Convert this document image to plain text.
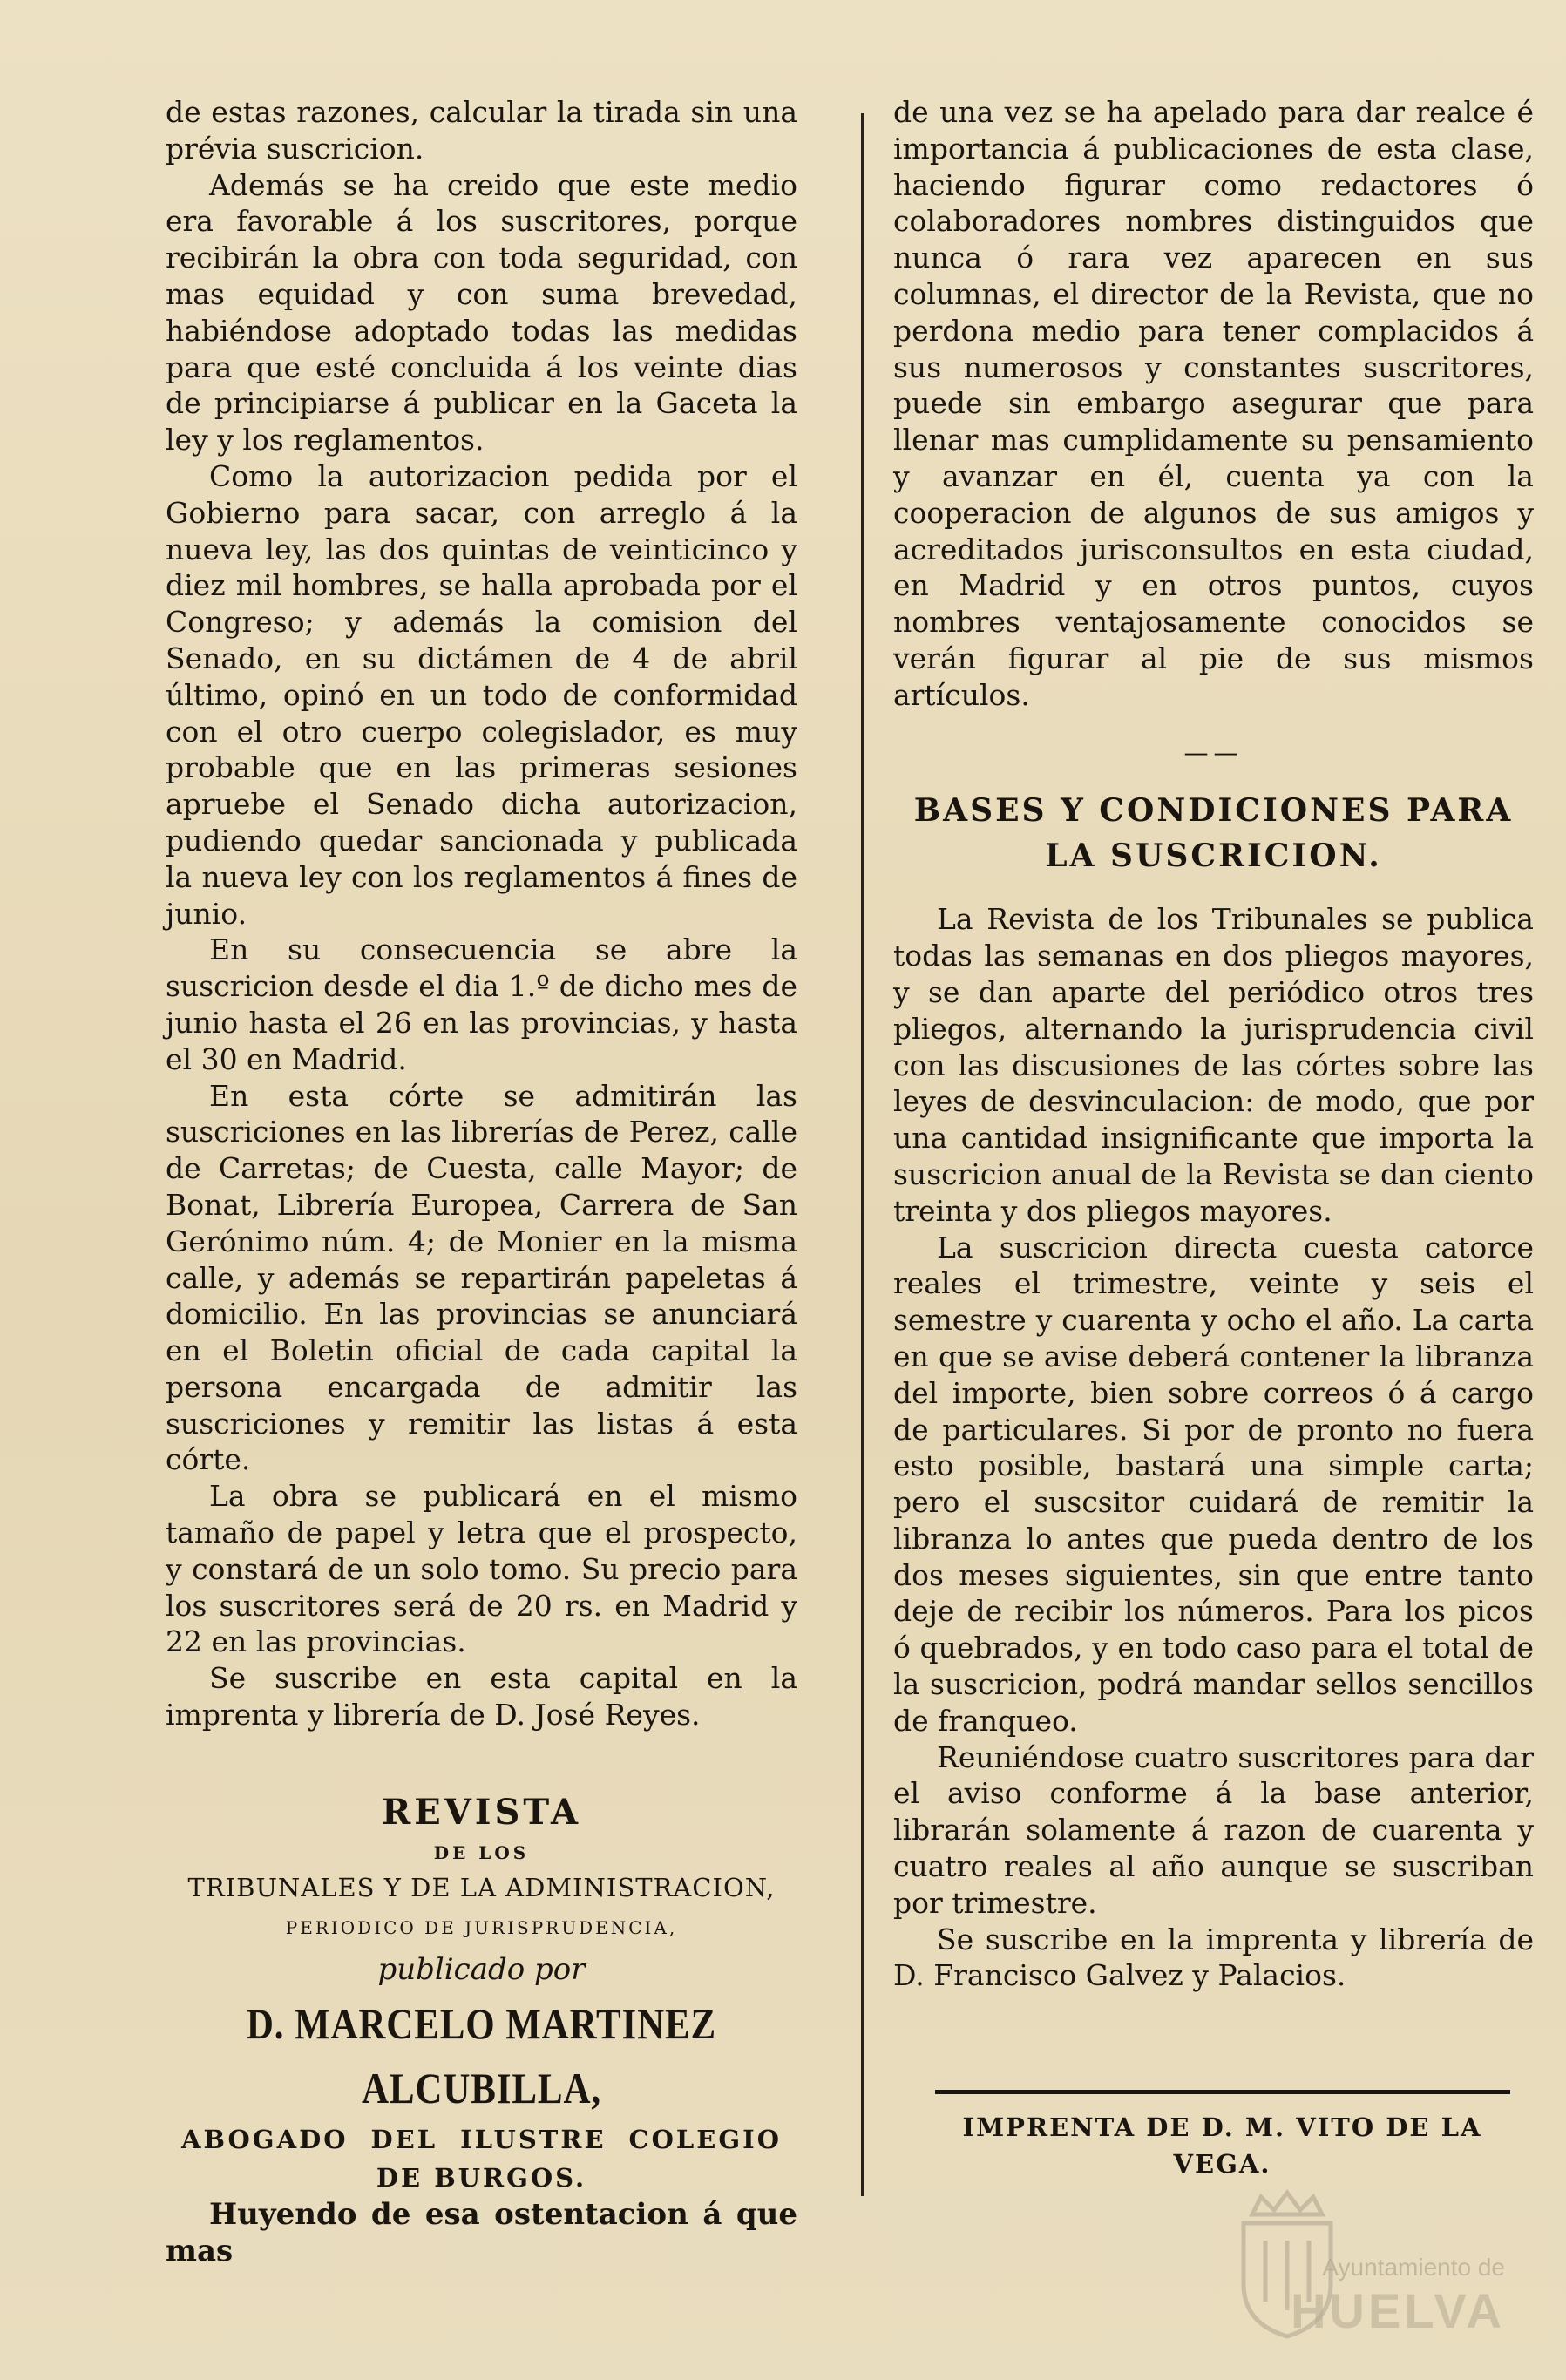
de estas razones, calcular la tirada sin una prévia suscricion.

Además se ha creido que este medio era favorable á los suscritores, porque recibirán la obra con toda seguridad, con mas equidad y con suma brevedad, habiéndose adoptado todas las medidas para que esté concluida á los veinte dias de principiarse á publicar en la Gaceta la ley y los reglamentos.

Como la autorizacion pedida por el Gobierno para sacar, con arreglo á la nueva ley, las dos quintas de veinticinco y diez mil hombres, se halla aprobada por el Congreso; y además la comision del Senado, en su dictámen de 4 de abril último, opinó en un todo de conformidad con el otro cuerpo colegislador, es muy probable que en las primeras sesiones apruebe el Senado dicha autorizacion, pudiendo quedar sancionada y publicada la nueva ley con los reglamentos á fines de junio.

En su consecuencia se abre la suscricion desde el dia 1.º de dicho mes de junio hasta el 26 en las provincias, y hasta el 30 en Madrid.

En esta córte se admitirán las suscriciones en las librerías de Perez, calle de Carretas; de Cuesta, calle Mayor; de Bonat, Librería Europea, Carrera de San Gerónimo núm. 4; de Monier en la misma calle, y además se repartirán papeletas á domicilio. En las provincias se anunciará en el Boletin oficial de cada capital la persona encargada de admitir las suscriciones y remitir las listas á esta córte.

La obra se publicará en el mismo tamaño de papel y letra que el prospecto, y constará de un solo tomo. Su precio para los suscritores será de 20 rs. en Madrid y 22 en las provincias.

Se suscribe en esta capital en la imprenta y librería de D. José Reyes.

REVISTA
DE LOS
TRIBUNALES Y DE LA ADMINISTRACION,
PERIODICO DE JURISPRUDENCIA,
publicado por
D. MARCELO MARTINEZ ALCUBILLA,
ABOGADO DEL ILUSTRE COLEGIO DE BURGOS.

Huyendo de esa ostentacion á que mas

de una vez se ha apelado para dar realce é importancia á publicaciones de esta clase, haciendo figurar como redactores ó colaboradores nombres distinguidos que nunca ó rara vez aparecen en sus columnas, el director de la Revista, que no perdona medio para tener complacidos á sus numerosos y constantes suscritores, puede sin embargo asegurar que para llenar mas cumplidamente su pensamiento y avanzar en él, cuenta ya con la cooperacion de algunos de sus amigos y acreditados jurisconsultos en esta ciudad, en Madrid y en otros puntos, cuyos nombres ventajosamente conocidos se verán figurar al pie de sus mismos artículos.

——
BASES Y CONDICIONES PARA

LA SUSCRICION.

La Revista de los Tribunales se publica todas las semanas en dos pliegos mayores, y se dan aparte del periódico otros tres pliegos, alternando la jurisprudencia civil con las discusiones de las córtes sobre las leyes de desvinculacion: de modo, que por una cantidad insignificante que importa la suscricion anual de la Revista se dan ciento treinta y dos pliegos mayores.

La suscricion directa cuesta catorce reales el trimestre, veinte y seis el semestre y cuarenta y ocho el año. La carta en que se avise deberá contener la libranza del importe, bien sobre correos ó á cargo de particulares. Si por de pronto no fuera esto posible, bastará una simple carta; pero el suscsitor cuidará de remitir la libranza lo antes que pueda dentro de los dos meses siguientes, sin que entre tanto deje de recibir los números. Para los picos ó quebrados, y en todo caso para el total de la suscricion, podrá mandar sellos sencillos de franqueo.

Reuniéndose cuatro suscritores para dar el aviso conforme á la base anterior, librarán solamente á razon de cuarenta y cuatro reales al año aunque se suscriban por trimestre.

Se suscribe en la imprenta y librería de D. Francisco Galvez y Palacios.

IMPRENTA DE D. M. VITO DE LA VEGA.
Ayuntamiento de
HUELVA
